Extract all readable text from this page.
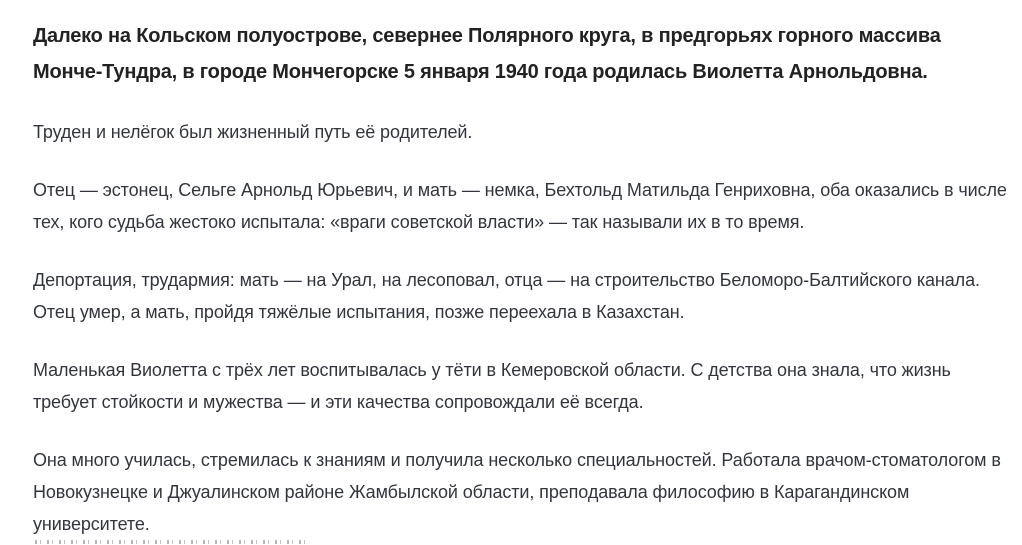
Далеко на Кольском полуострове, севернее Полярного круга, в предгорьях горного массива Монче-Тундра, в городе Мончегорске 5 января 1940 года родилась Виолетта Арнольдовна.

Труден и нелёгок был жизненный путь её родителей.

Отец — эстонец, Сельге Арнольд Юрьевич, и мать — немка, Бехтольд Матильда Генриховна, оба оказались в числе тех, кого судьба жестоко испытала: «враги советской власти» — так называли их в то время.

Депортация, трудармия: мать — на Урал, на лесоповал, отца — на строительство Беломоро-Балтийского канала. Отец умер, а мать, пройдя тяжёлые испытания, позже переехала в Казахстан.

Маленькая Виолетта с трёх лет воспитывалась у тёти в Кемеровской области. С детства она знала, что жизнь требует стойкости и мужества — и эти качества сопровождали её всегда.

Она много училась, стремилась к знаниям и получила несколько специальностей. Работала врачом-стоматологом в Новокузнецке и Джуалинском районе Жамбылской области, преподавала философию в Карагандинском университете.
